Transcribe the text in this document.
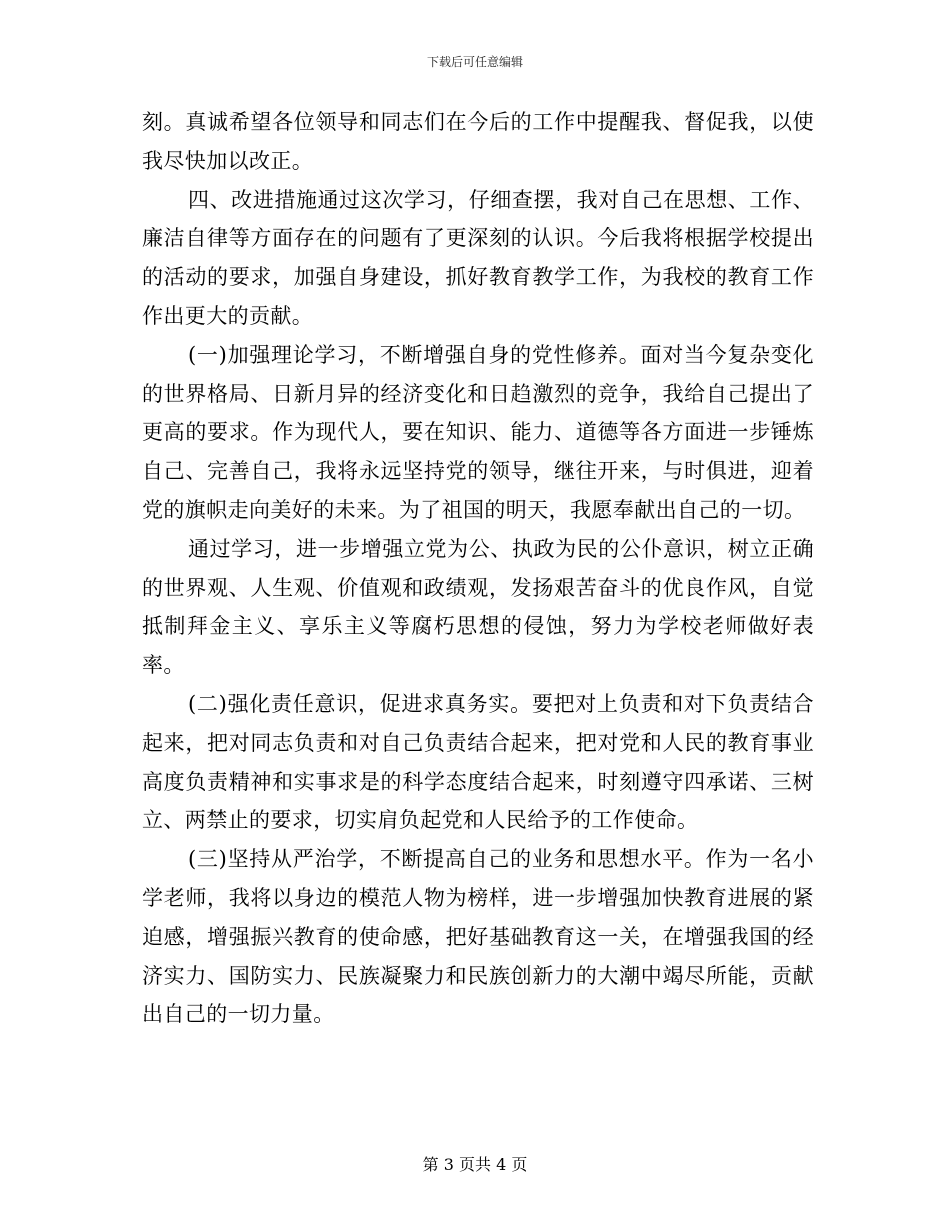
下载后可任意编辑

刻。真诚希望各位领导和同志们在今后的工作中提醒我、督促我，以使我尽快加以改正。

四、改进措施通过这次学习，仔细查摆，我对自己在思想、工作、廉洁自律等方面存在的问题有了更深刻的认识。今后我将根据学校提出的活动的要求，加强自身建设，抓好教育教学工作，为我校的教育工作作出更大的贡献。

(一)加强理论学习，不断增强自身的党性修养。面对当今复杂变化的世界格局、日新月异的经济变化和日趋激烈的竞争，我给自己提出了更高的要求。作为现代人，要在知识、能力、道德等各方面进一步锤炼自己、完善自己，我将永远坚持党的领导，继往开来，与时俱进，迎着党的旗帜走向美好的未来。为了祖国的明天，我愿奉献出自己的一切。

通过学习，进一步增强立党为公、执政为民的公仆意识，树立正确的世界观、人生观、价值观和政绩观，发扬艰苦奋斗的优良作风，自觉抵制拜金主义、享乐主义等腐朽思想的侵蚀，努力为学校老师做好表率。

(二)强化责任意识，促进求真务实。要把对上负责和对下负责结合起来，把对同志负责和对自己负责结合起来，把对党和人民的教育事业高度负责精神和实事求是的科学态度结合起来，时刻遵守四承诺、三树立、两禁止的要求，切实肩负起党和人民给予的工作使命。

(三)坚持从严治学，不断提高自己的业务和思想水平。作为一名小学老师，我将以身边的模范人物为榜样，进一步增强加快教育进展的紧迫感，增强振兴教育的使命感，把好基础教育这一关，在增强我国的经济实力、国防实力、民族凝聚力和民族创新力的大潮中竭尽所能，贡献出自己的一切力量。

第 3 页共 4 页
